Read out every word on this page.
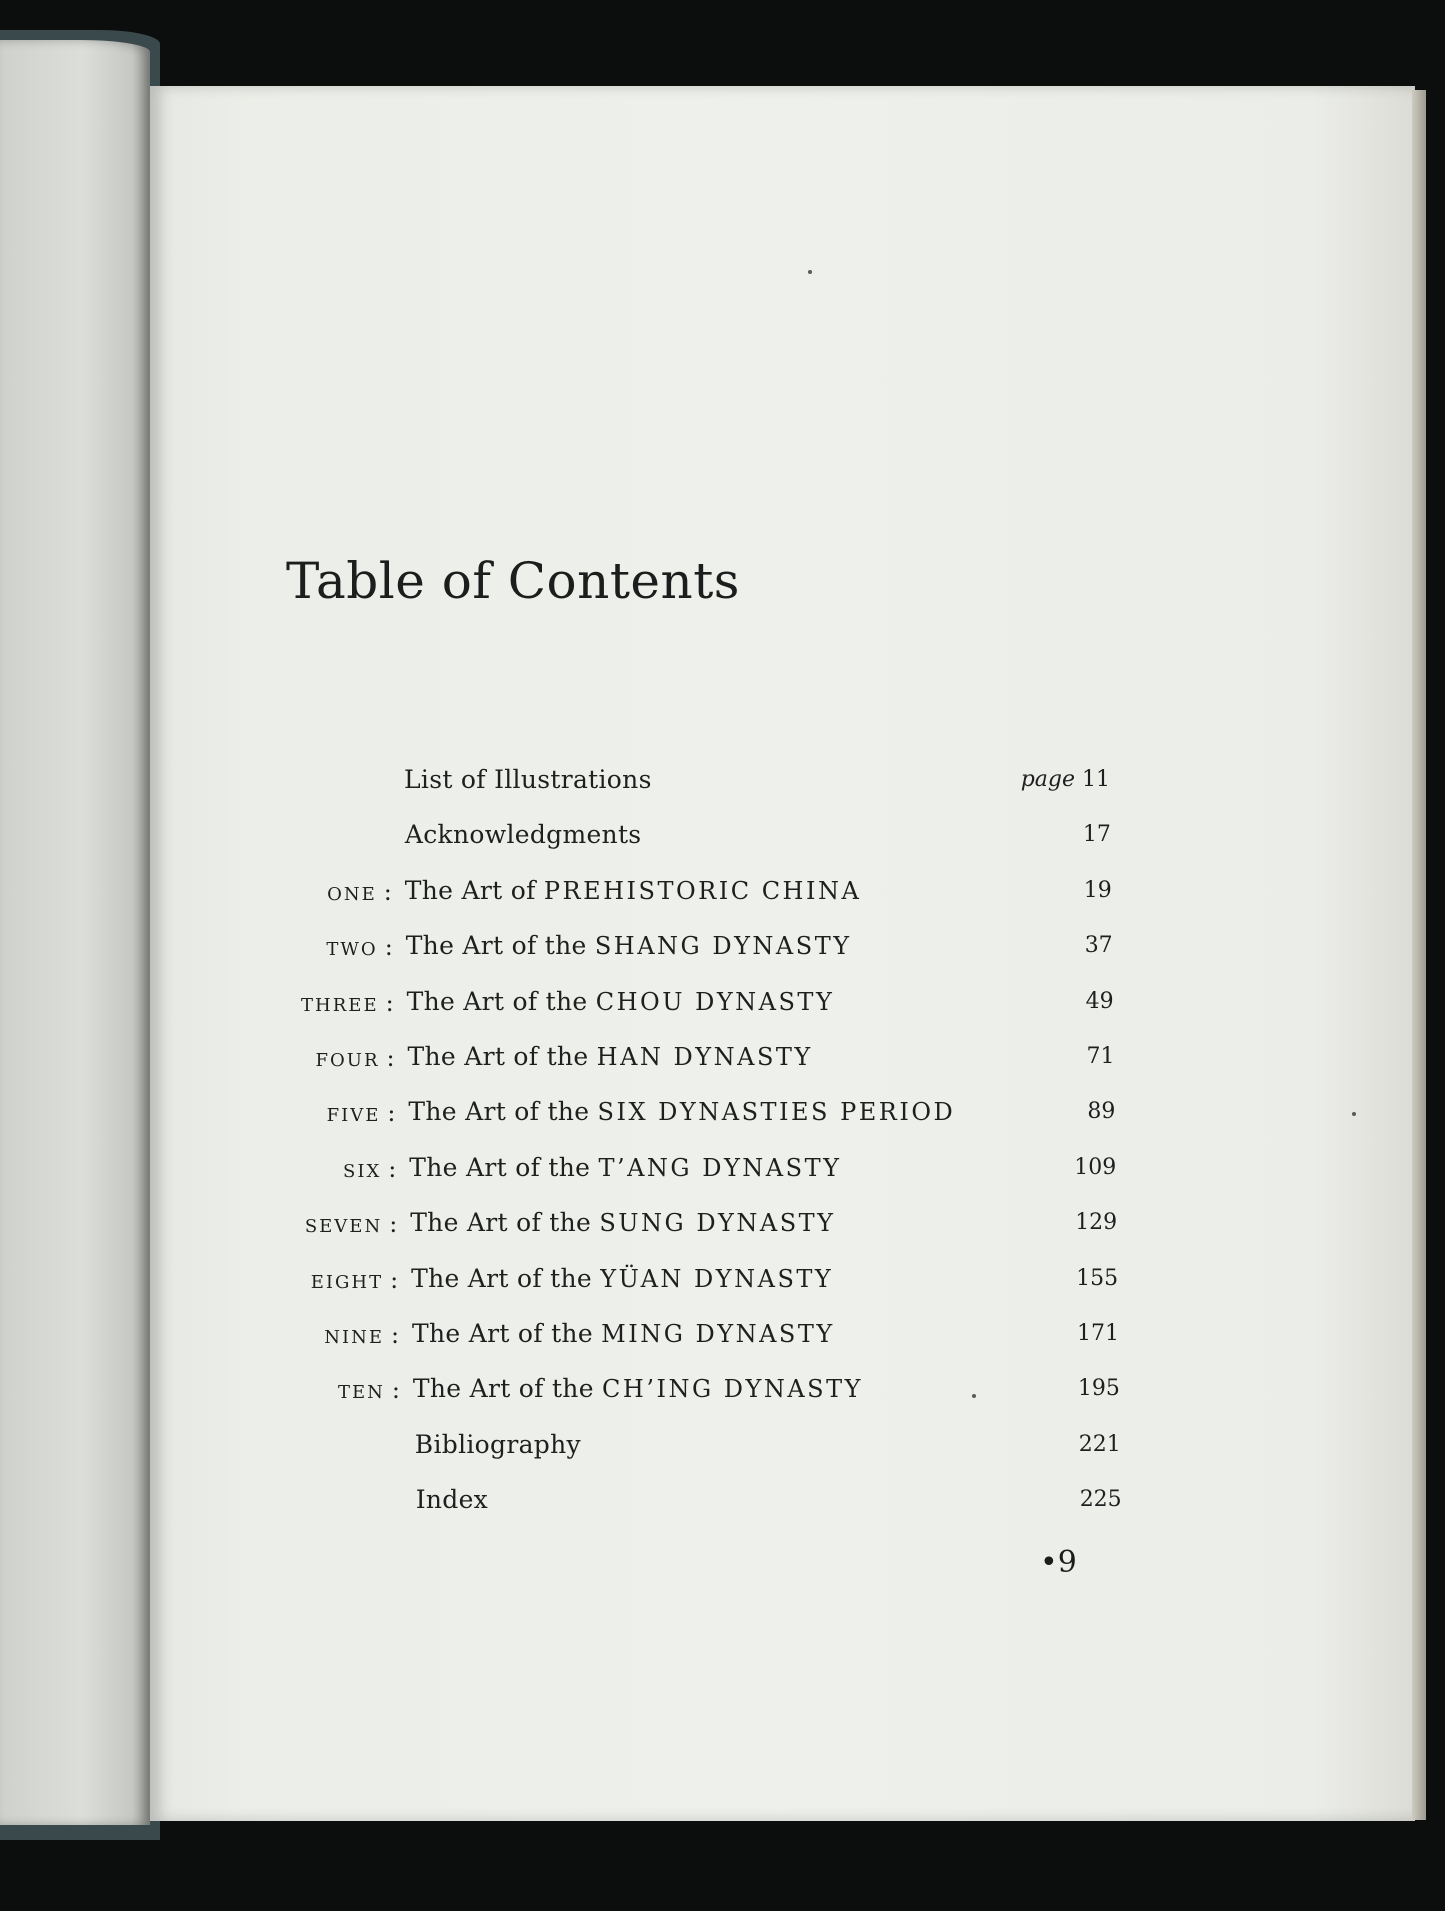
Table of Contents
List of Illustrations	page 11
Acknowledgments	17
ONE : The Art of PREHISTORIC CHINA	19
TWO : The Art of the SHANG DYNASTY	37
THREE : The Art of the CHOU DYNASTY	49
FOUR : The Art of the HAN DYNASTY	71
FIVE : The Art of the SIX DYNASTIES PERIOD	89
SIX : The Art of the T’ANG DYNASTY	109
SEVEN : The Art of the SUNG DYNASTY	129
EIGHT : The Art of the YÜAN DYNASTY	155
NINE : The Art of the MING DYNASTY	171
TEN : The Art of the CH’ING DYNASTY	195
Bibliography	221
Index	225
•9
